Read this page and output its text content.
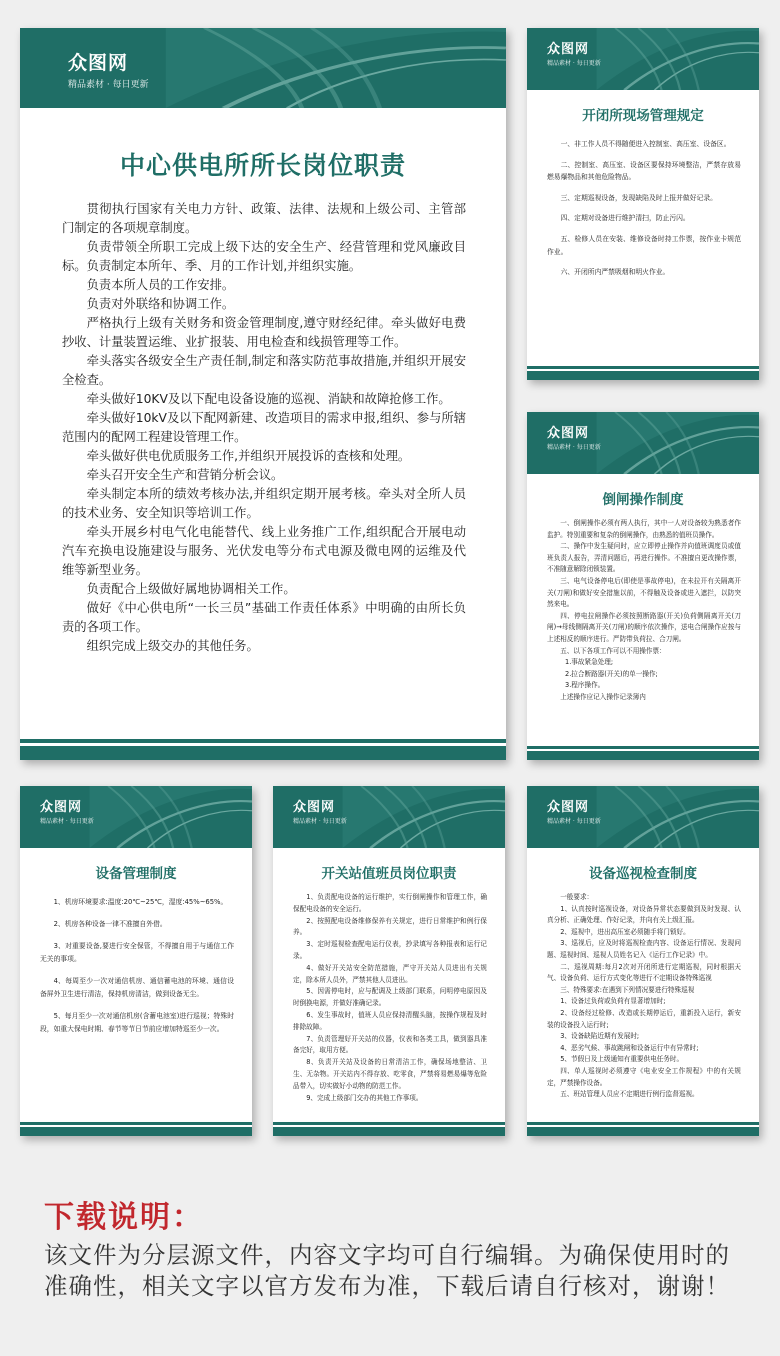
众图网
精品素材 · 每日更新
中心供电所所长岗位职责

贯彻执行国家有关电力方针、政策、法律、法规和上级公司、主管部门制定的各项规章制度。

负责带领全所职工完成上级下达的安全生产、经营管理和党风廉政目标。负责制定本所年、季、月的工作计划,并组织实施。

负责本所人员的工作安排。

负责对外联络和协调工作。

严格执行上级有关财务和资金管理制度,遵守财经纪律。牵头做好电费抄收、计量装置运维、业扩报装、用电检查和线损管理等工作。

牵头落实各级安全生产责任制,制定和落实防范事故措施,并组织开展安全检查。

牵头做好10KV及以下配电设备设施的巡视、消缺和故障抢修工作。

牵头做好10kV及以下配网新建、改造项目的需求申报,组织、参与所辖范围内的配网工程建设管理工作。

牵头做好供电优质服务工作,并组织开展投诉的查核和处理。

牵头召开安全生产和营销分析会议。

牵头制定本所的绩效考核办法,并组织定期开展考核。牵头对全所人员的技术业务、安全知识等培训工作。

牵头开展乡村电气化电能替代、线上业务推广工作,组织配合开展电动汽车充换电设施建设与服务、光伏发电等分布式电源及微电网的运维及代维等新型业务。

负责配合上级做好属地协调相关工作。

做好《中心供电所“一长三员”基础工作责任体系》中明确的由所长负责的各项工作。

组织完成上级交办的其他任务。

众图网
精品素材 · 每日更新
开闭所现场管理规定

一、非工作人员不得随便进入控制室、高压室、设备区。

二、控制室、高压室、设备区要保持环境整洁，严禁存放易燃易爆物品和其他危险物品。

三、定期巡视设备，发现缺陷及时上报并做好记录。

四、定期对设备进行维护清扫，防止污闪。

五、检修人员在安装、维修设备时持工作票，按作业卡规范作业。

六、开闭所内严禁吸烟和明火作业。

众图网
精品素材 · 每日更新
倒闸操作制度

一、倒闸操作必须有两人执行，其中一人对设备较为熟悉者作监护。特别重要和复杂的倒闸操作，由熟悉的值班员操作。

二、操作中发生疑问时，应立即停止操作并向值班调度员或值班负责人报告，弄清问题后，再进行操作。不准擅自更改操作票，不准随意解除闭锁装置。

三、电气设备停电后(即使是事故停电)，在未拉开有关隔离开关(刀闸)和做好安全措施以前，不得触及设备或进入遮拦，以防突然来电。

四、停电拉闸操作必须按照断路器(开关)负荷侧隔离开关(刀闸)→母线侧隔离开关(刀闸)的顺序依次操作，送电合闸操作应按与上述相反的顺序进行。严防带负荷拉、合刀闸。

五、以下各项工作可以不用操作票：

1.事故紧急处理;

2.拉合断路器(开关)的单一操作;

3.程序操作。

上述操作应记入操作记录簿内

众图网
精品素材 · 每日更新
设备管理制度

1、机房环境要求:温度:20℃~25℃，湿度:45%~65%。

2、机房各种设备一律不准擅自外借。

3、对重要设备,要进行安全保管，不得擅自用于与通信工作无关的事项。

4、每周至少一次对通信机房、通信蓄电池的环境、通信设备屏外卫生进行清洁，保持机房清洁，做到设备无尘。

5、每月至少一次对通信机房(含蓄电池室)进行巡视；特殊时段，如重大保电时期、春节等节日节前应增加特巡至少一次。

众图网
精品素材 · 每日更新
开关站值班员岗位职责

1、负责配电设备的运行维护，实行倒闸操作和管理工作，确保配电设备的安全运行。

2、按照配电设备维修保养有关规定，进行日常维护和例行保养。

3、定时巡视检查配电运行仪表，抄录填写各种报表和运行记录。

4、做好开关站安全防范措施，严守开关站人员进出有关规定，除本所人员外，严禁其他人员进出。

5、因需停电时，应与配调及上级部门联系，问明停电原因及时倒换电源，并做好准确记录。

6、发生事故时，值班人员应保持清醒头脑，按操作规程及时排除故障。

7、负责管理好开关站的仪器，仪表和各类工具，做到器具准备完好，取用方便。

8、负责开关站及设备的日常清洁工作，确保场地整洁、卫生、无杂物。开关站内不得存放、吃零食，严禁将易燃易爆等危险品带入，切实做好小动物的防范工作。

9、完成上级部门交办的其他工作事项。

众图网
精品素材 · 每日更新
设备巡视检查制度

一般要求：

1、认真按时巡视设备，对设备异常状态要做到及时发现、认真分析、正确处理、作好记录，并向有关上级汇报。

2、巡视中，进出高压室必须随手将门锁好。

3、巡视后，应及时将巡视检查内容、设备运行情况、发现问题、巡视时间、巡视人员姓名记入《运行工作记录》中。

二、巡视周期:每月2次对开闭所进行定期巡视，同时根据天气、设备负荷、运行方式变化等进行不定期设备特殊巡视

三、特殊要求:在遇到下列情况要进行特殊巡视

1、设备过负荷或负荷有显著增加时;

2、设备经过检修、改造或长期停运后，重新投入运行，新安装的设备投入运行时;

3、设备缺陷近期有发展时;

4、恶劣气候、事故跳闸和设备运行中有异常时;

5、节假日及上级通知有重要供电任务时。

四、单人巡视时必须遵守《电业安全工作规程》中的有关规定，严禁操作设备。

五、班站管理人员应不定期进行例行监督巡视。

下载说明：
该文件为分层源文件，内容文字均可自行编辑。为确保使用时的准确性，相关文字以官方发布为准，下载后请自行核对，谢谢！
